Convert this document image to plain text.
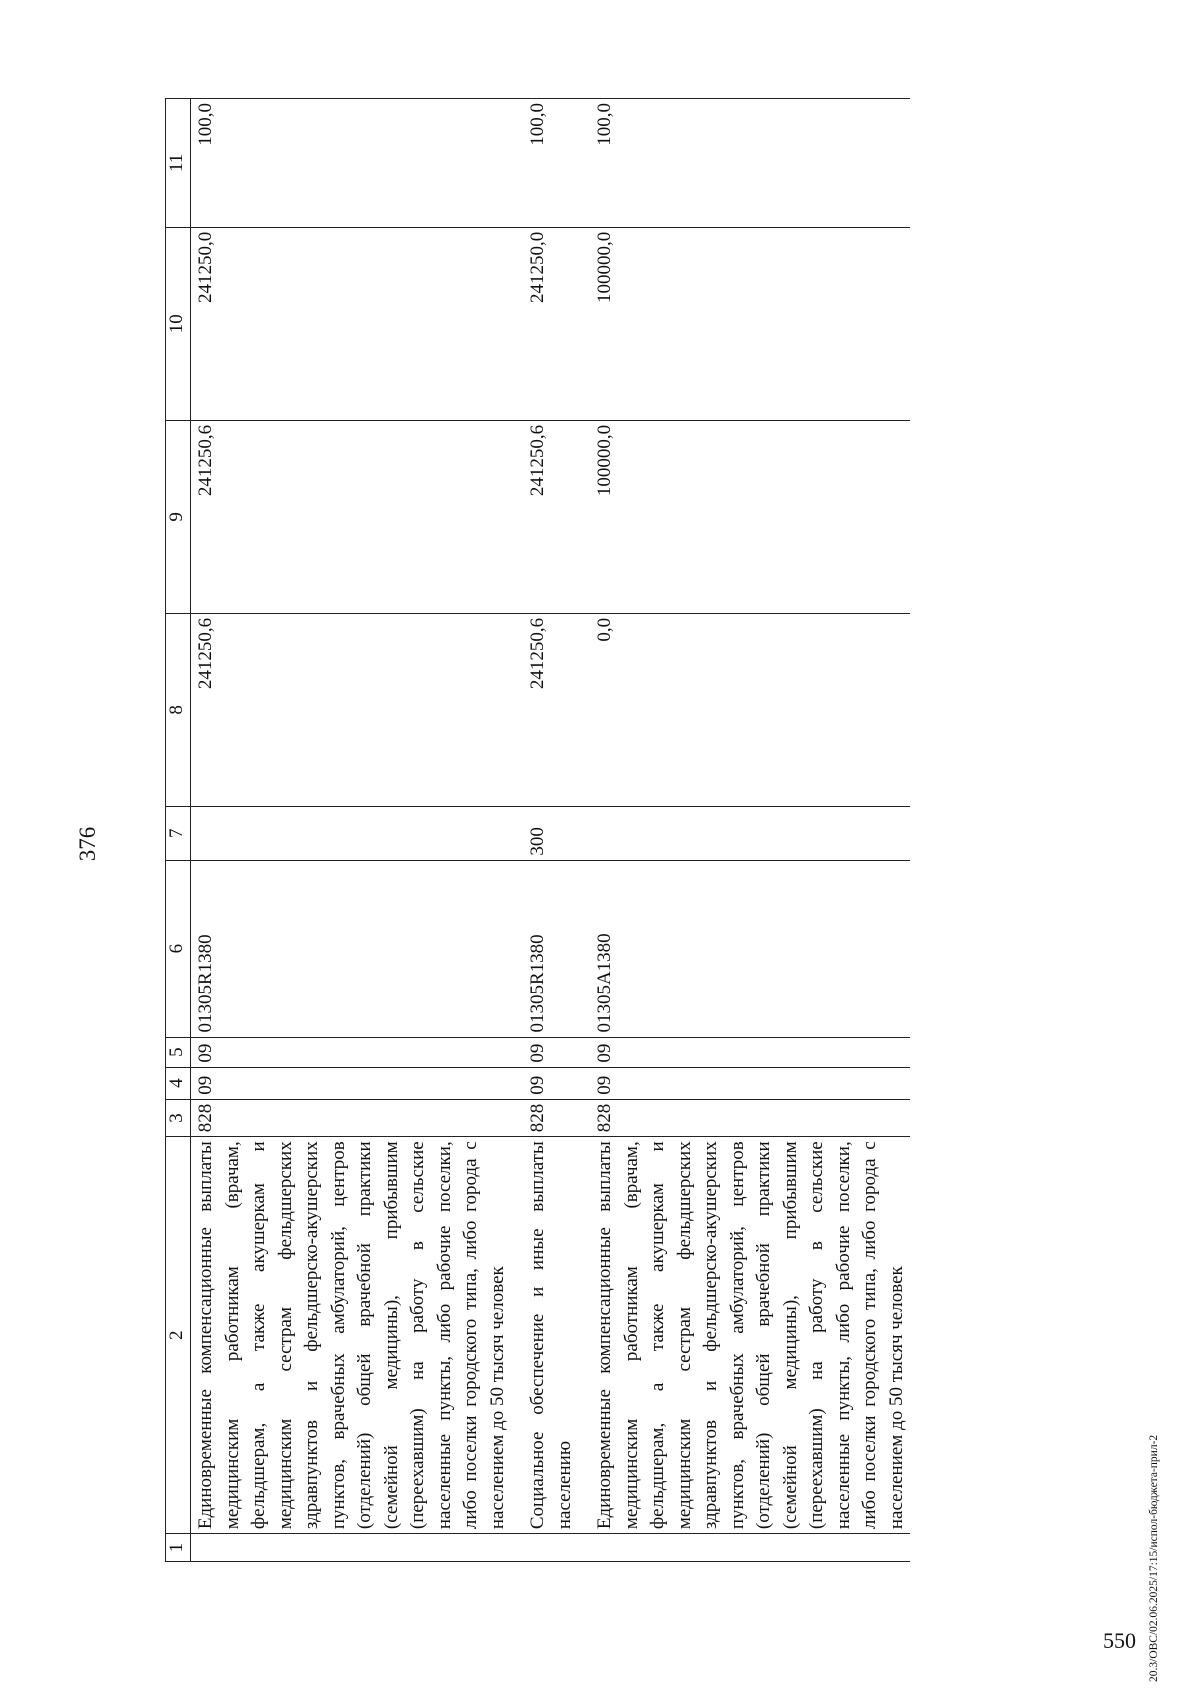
376
1	2	3	4	5	6	7	8	9	10	11
	Единовременные компенсационные выплаты медицинским работникам (врачам, фельдшерам, а также акушеркам и медицинским сестрам фельдшерских здравпунктов и фельдшерско-акушерских пунктов, врачебных амбулаторий, центров (отделений) общей врачебной практики (семейной медицины), прибывшим (переехавшим) на работу в сельские населенные пункты, либо рабочие поселки, либо поселки городского типа, либо города с населением до 50 тысяч человек	828	09	09	01305R1380		241250,6	241250,6	241250,0	100,0

	Социальное обеспечение и иные выплаты населению	828	09	09	01305R1380	300	241250,6	241250,6	241250,0	100,0

	Единовременные компенсационные выплаты медицинским работникам (врачам, фельдшерам, а также акушеркам и медицинским сестрам фельдшерских здравпунктов и фельдшерско-акушерских пунктов, врачебных амбулаторий, центров (отделений) общей врачебной практики (семейной медицины), прибывшим (переехавшим) на работу в сельские населенные пункты, либо рабочие поселки, либо поселки городского типа, либо города с населением до 50 тысяч человек	828	09	09	01305A1380		0,0	100000,0	100000,0	100,0
20.3/OBC/02.06.2025/17:15/испол-бюджета-прил-2
550
